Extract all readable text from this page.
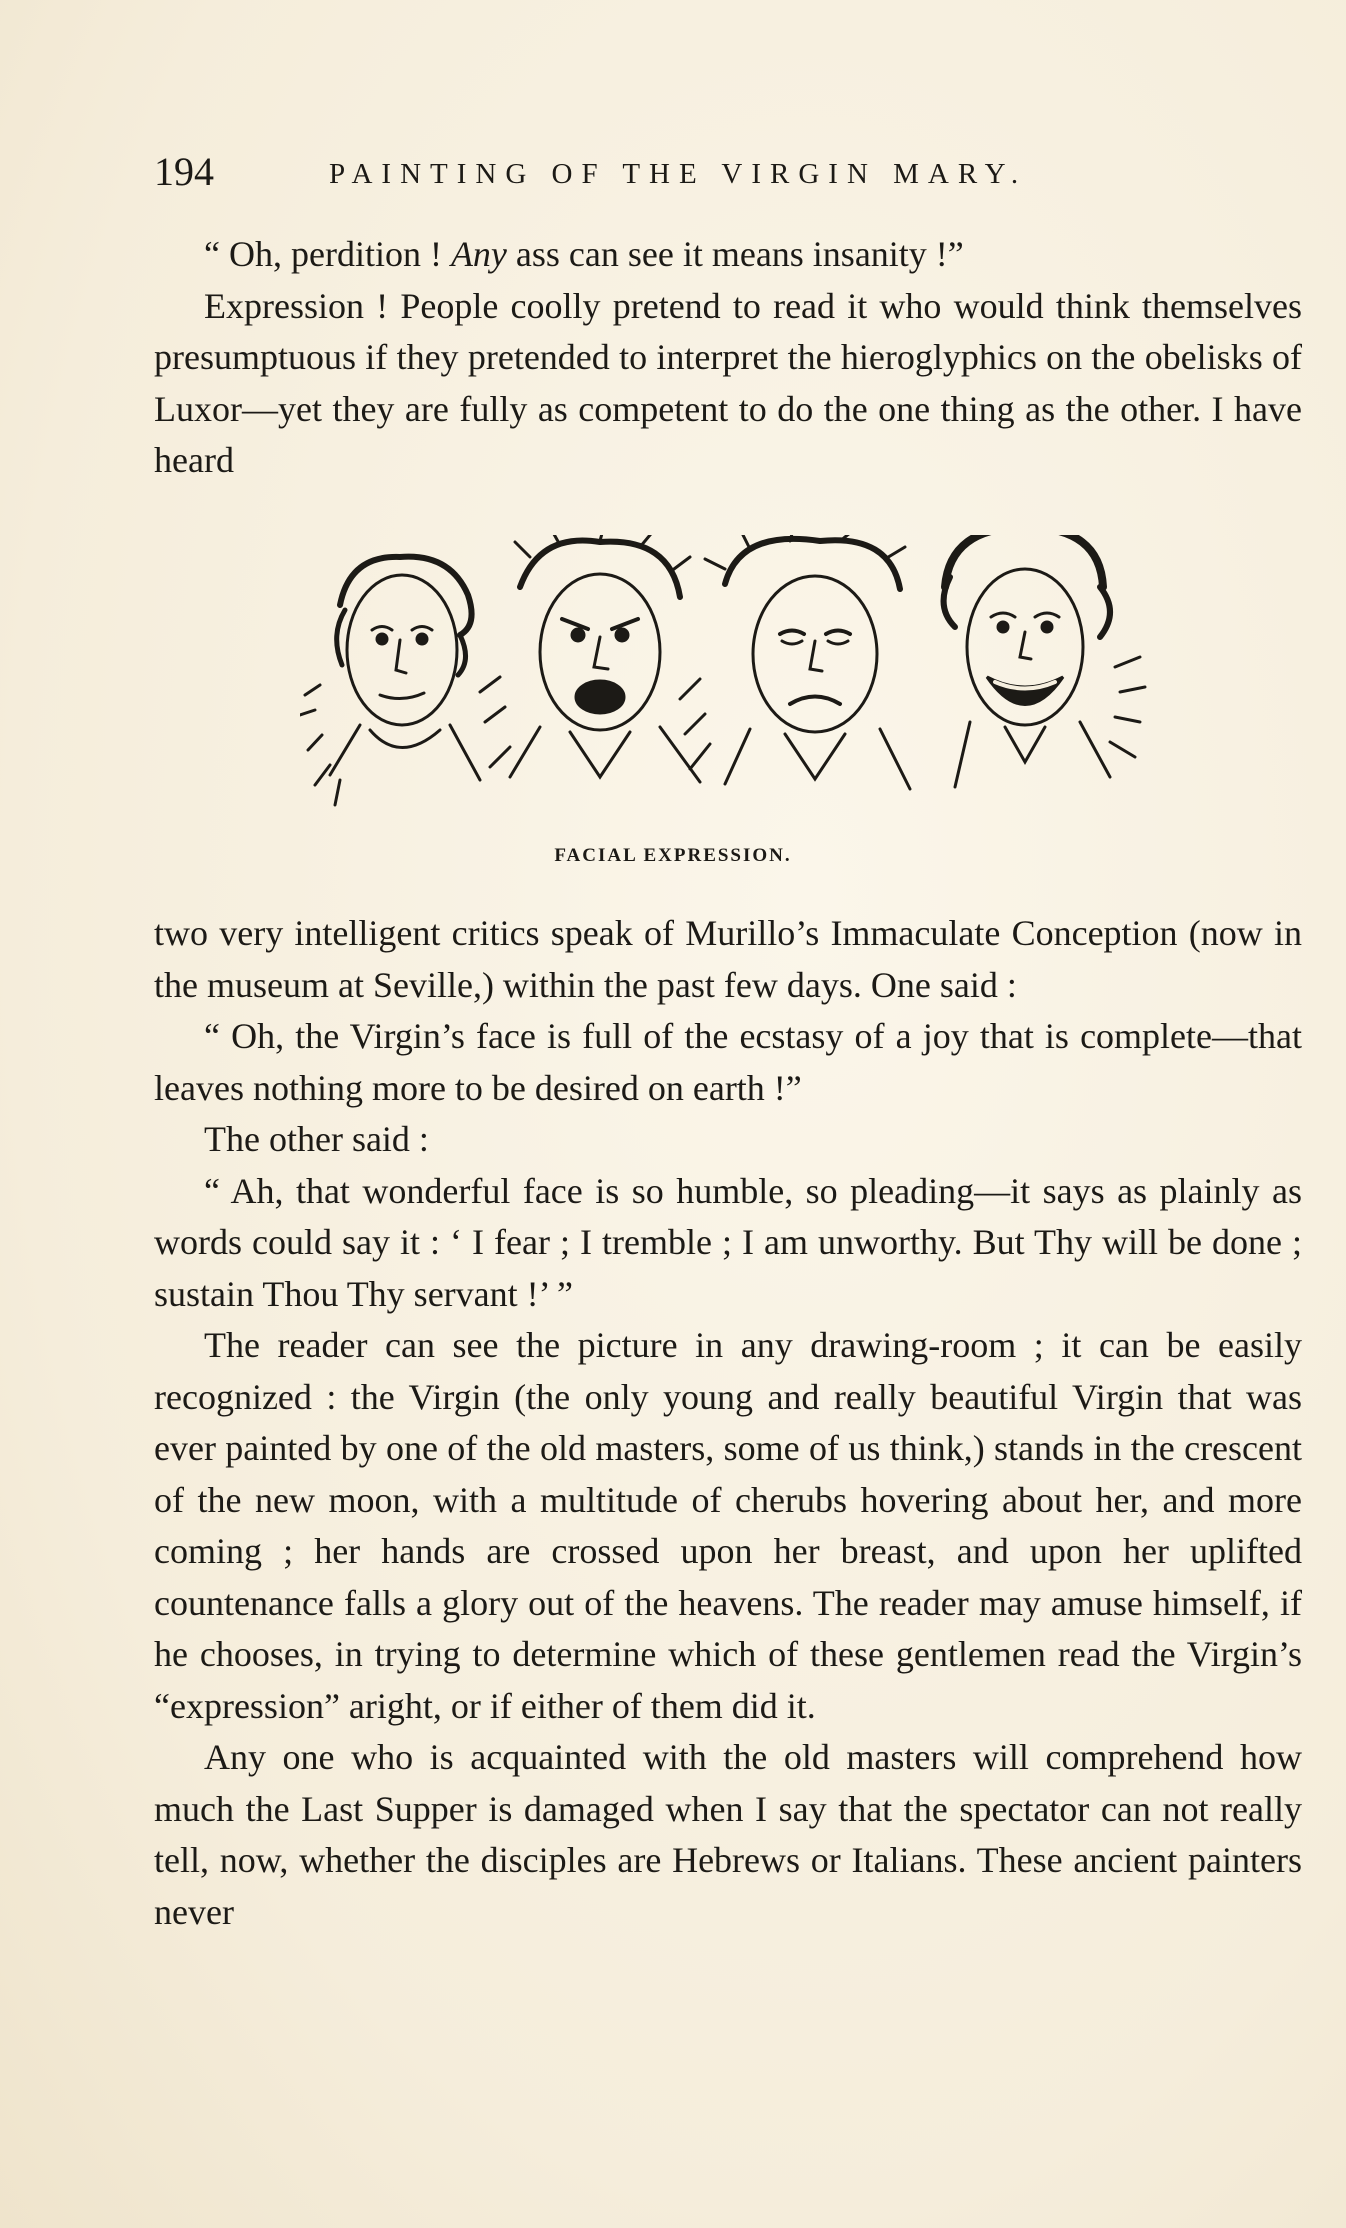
194	PAINTING OF THE VIRGIN MARY.

“ Oh, perdition ! Any ass can see it means insanity !”

Expression ! People coolly pretend to read it who would think themselves presumptuous if they pretended to interpret the hieroglyphics on the obelisks of Luxor—yet they are fully as competent to do the one thing as the other. I have heard

FACIAL EXPRESSION.

two very intelligent critics speak of Murillo’s Immaculate Conception (now in the museum at Seville,) within the past few days. One said :

“ Oh, the Virgin’s face is full of the ecstasy of a joy that is complete—that leaves nothing more to be desired on earth !”

The other said :

“ Ah, that wonderful face is so humble, so pleading—it says as plainly as words could say it : ‘ I fear ; I tremble ; I am unworthy. But Thy will be done ; sustain Thou Thy servant !’ ”

The reader can see the picture in any drawing-room ; it can be easily recognized : the Virgin (the only young and really beautiful Virgin that was ever painted by one of the old masters, some of us think,) stands in the crescent of the new moon, with a multitude of cherubs hovering about her, and more coming ; her hands are crossed upon her breast, and upon her uplifted countenance falls a glory out of the heavens. The reader may amuse himself, if he chooses, in trying to determine which of these gentlemen read the Virgin’s “expression” aright, or if either of them did it.

Any one who is acquainted with the old masters will comprehend how much the Last Supper is damaged when I say that the spectator can not really tell, now, whether the disciples are Hebrews or Italians. These ancient painters never
